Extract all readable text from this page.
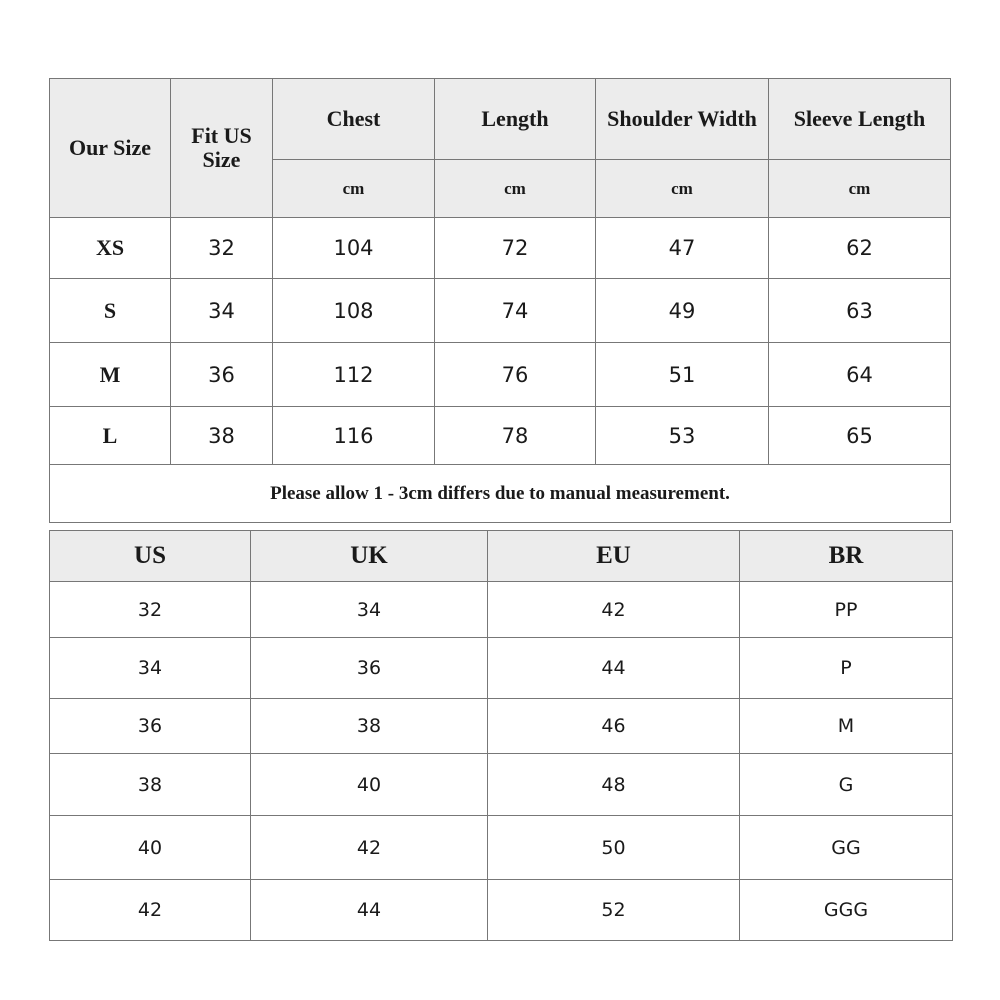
Our Size	Fit US Size	Chest	Length	Shoulder Width	Sleeve Length
		cm	cm	cm	cm
XS	32	104	72	47	62
S	34	108	74	49	63
M	36	112	76	51	64
L	38	116	78	53	65
Please allow 1 - 3cm differs due to manual measurement.					
US	UK	EU	BR
32	34	42	PP
34	36	44	P
36	38	46	M
38	40	48	G
40	42	50	GG
42	44	52	GGG
